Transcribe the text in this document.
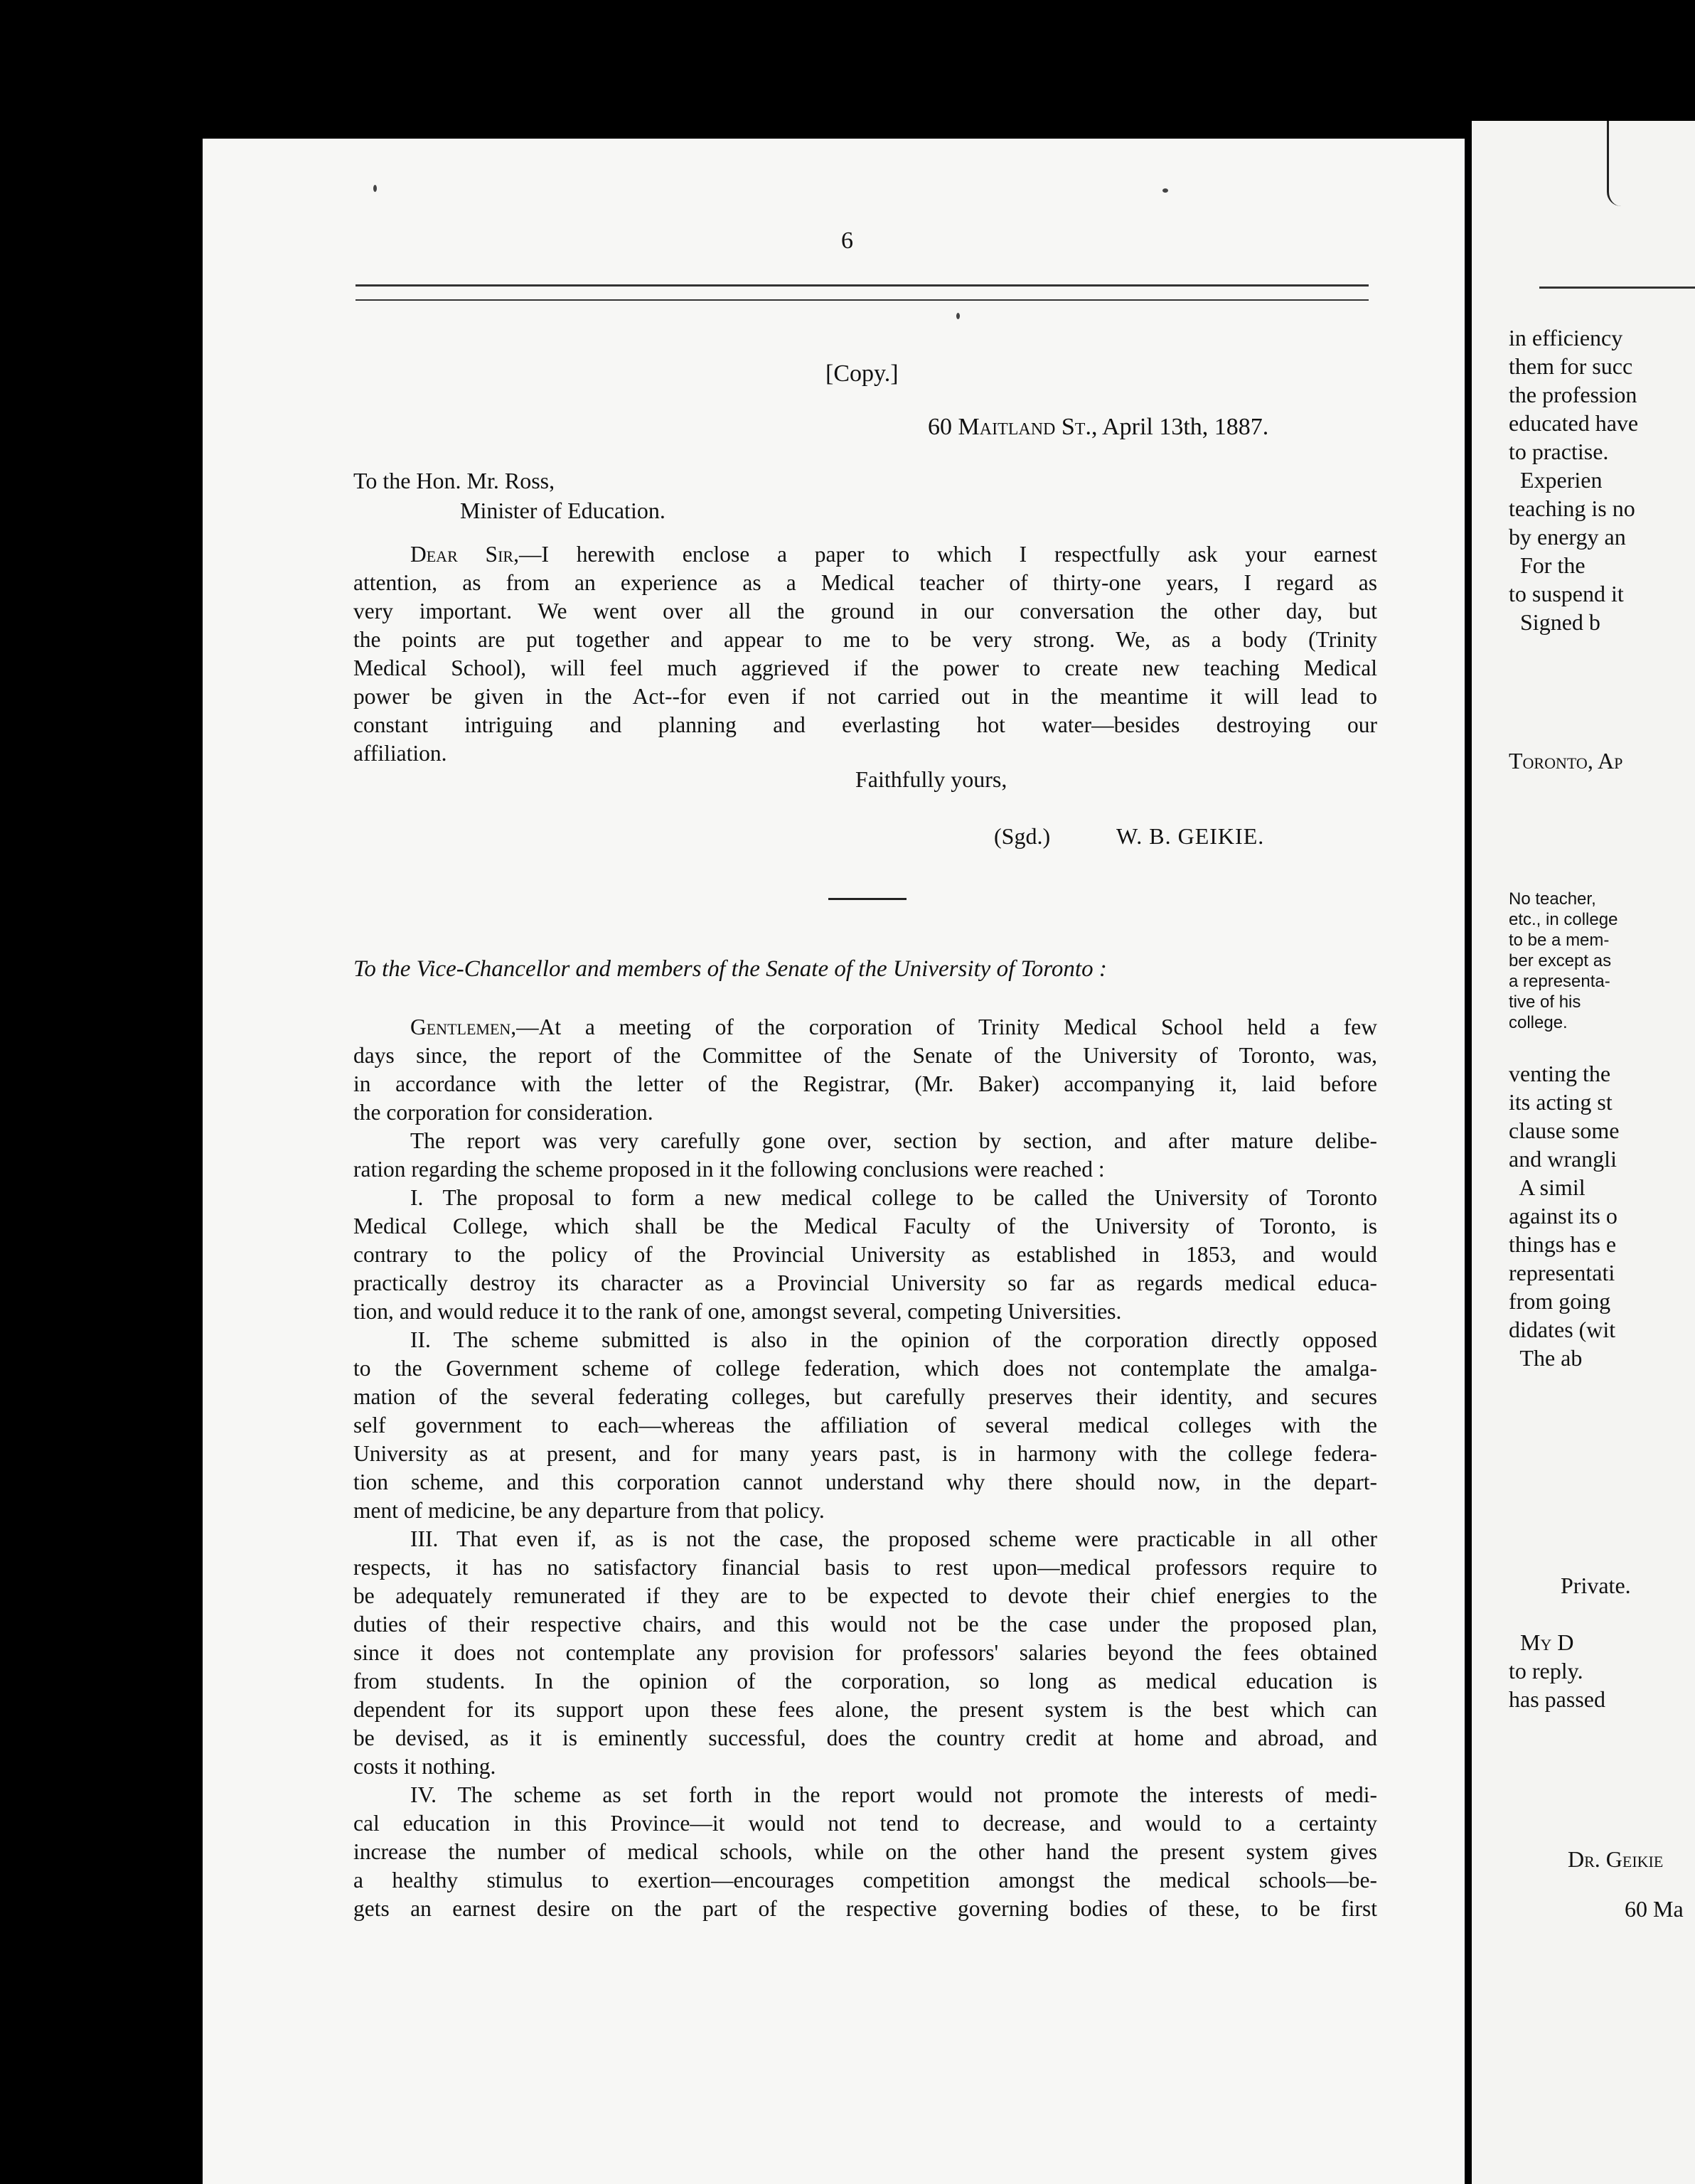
6
[Copy.]
60 Maitland St., April 13th, 1887.
To the Hon. Mr. Ross,
Minister of Education.
Dear Sir,—I herewith enclose a paper to which I respectfully ask your earnest
attention, as from an experience as a Medical teacher of thirty-one years, I regard as
very important. We went over all the ground in our conversation the other day, but
the points are put together and appear to me to be very strong. We, as a body (Trinity
Medical School), will feel much aggrieved if the power to create new teaching Medical
power be given in the Act--for even if not carried out in the meantime it will lead to
constant intriguing and planning and everlasting hot water—besides destroying our
affiliation.
Faithfully yours,
(Sgd.)	W. B. GEIKIE.
To the Vice-Chancellor and members of the Senate of the University of Toronto :
Gentlemen,—At a meeting of the corporation of Trinity Medical School held a few
days since, the report of the Committee of the Senate of the University of Toronto, was,
in accordance with the letter of the Registrar, (Mr. Baker) accompanying it, laid before
the corporation for consideration.
The report was very carefully gone over, section by section, and after mature delibe-
ration regarding the scheme proposed in it the following conclusions were reached :
I. The proposal to form a new medical college to be called the University of Toronto
Medical College, which shall be the Medical Faculty of the University of Toronto, is
contrary to the policy of the Provincial University as established in 1853, and would
practically destroy its character as a Provincial University so far as regards medical educa-
tion, and would reduce it to the rank of one, amongst several, competing Universities.
II. The scheme submitted is also in the opinion of the corporation directly opposed
to the Government scheme of college federation, which does not contemplate the amalga-
mation of the several federating colleges, but carefully preserves their identity, and secures
self government to each—whereas the affiliation of several medical colleges with the
University as at present, and for many years past, is in harmony with the college federa-
tion scheme, and this corporation cannot understand why there should now, in the depart-
ment of medicine, be any departure from that policy.
III. That even if, as is not the case, the proposed scheme were practicable in all other
respects, it has no satisfactory financial basis to rest upon—medical professors require to
be adequately remunerated if they are to be expected to devote their chief energies to the
duties of their respective chairs, and this would not be the case under the proposed plan,
since it does not contemplate any provision for professors' salaries beyond the fees obtained
from students. In the opinion of the corporation, so long as medical education is
dependent for its support upon these fees alone, the present system is the best which can
be devised, as it is eminently successful, does the country credit at home and abroad, and
costs it nothing.
IV. The scheme as set forth in the report would not promote the interests of medi-
cal education in this Province—it would not tend to decrease, and would to a certainty
increase the number of medical schools, while on the other hand the present system gives
a healthy stimulus to exertion—encourages competition amongst the medical schools—be-
gets an earnest desire on the part of the respective governing bodies of these, to be first
in efficiency
them for succ
the profession
educated have
to practise.
Experien
teaching is no
by energy an
For the
to suspend it
Signed b
Toronto, Ap
No teacher,
etc., in college
to be a mem-
ber except as
a representa-
tive of his
college.
venting the
its acting st
clause some
and wrangli
A simil
against its o
things has e
representati
from going
didates (wit
The ab
Private.
My D
to reply.
has passed
Dr. Geikie
60 Ma
